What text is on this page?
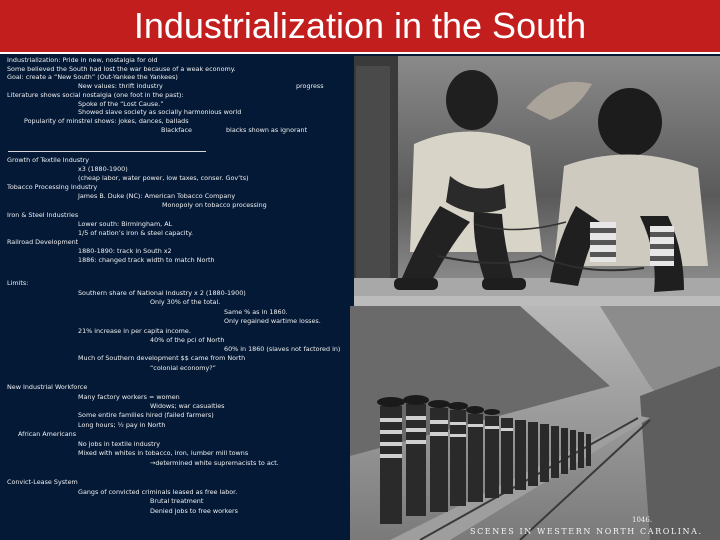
Industrialization in the South
Industrialization: Pride in new, nostalgia for old
Some believed the South had lost the war because of a weak economy.
Goal: create a “New South” (Out-Yankee the Yankees)
New values: thrift industry	progress
Literature shows social nostalgia (one foot in the past):
Spoke of the “Lost Cause.”
Showed slave society as socially harmonious world
Popularity of minstrel shows: jokes, dances, ballads
Blackface	blacks shown as ignorant
Growth of Textile Industry
x3 (1880-1900)
(cheap labor, water power, low taxes, conser. Gov’ts)
Tobacco Processing Industry
James B. Duke (NC): American Tobacco Company
Monopoly on tobacco processing
Iron & Steel Industries
Lower south: Birmingham, AL
1/5 of nation’s iron & steel capacity.
Railroad Development
1880-1890: track in South x2
1886: changed track width to match North
Limits:
Southern share of National Industry x 2 (1880-1900)
Only 30% of the total.
Same % as in 1860.
Only regained wartime losses.
21% increase in per capita income.
40% of the pci of North
60% in 1860 (slaves not factored in)
Much of Southern development $$ came from North
“colonial economy?”
New Industrial Workforce
Many factory workers = women
Widows; war casualties
Some entire families hired (failed farmers)
Long hours; ½ pay in North
African Americans
No jobs in textile industry
Mixed with whites in tobacco, iron, lumber mill towns
→determined white supremacists to act.
Convict-Lease System
Gangs of convicted criminals leased as free labor.
Brutal treatment
Denied jobs to free workers
1046.
SCENES IN WESTERN NORTH CAROLINA.
